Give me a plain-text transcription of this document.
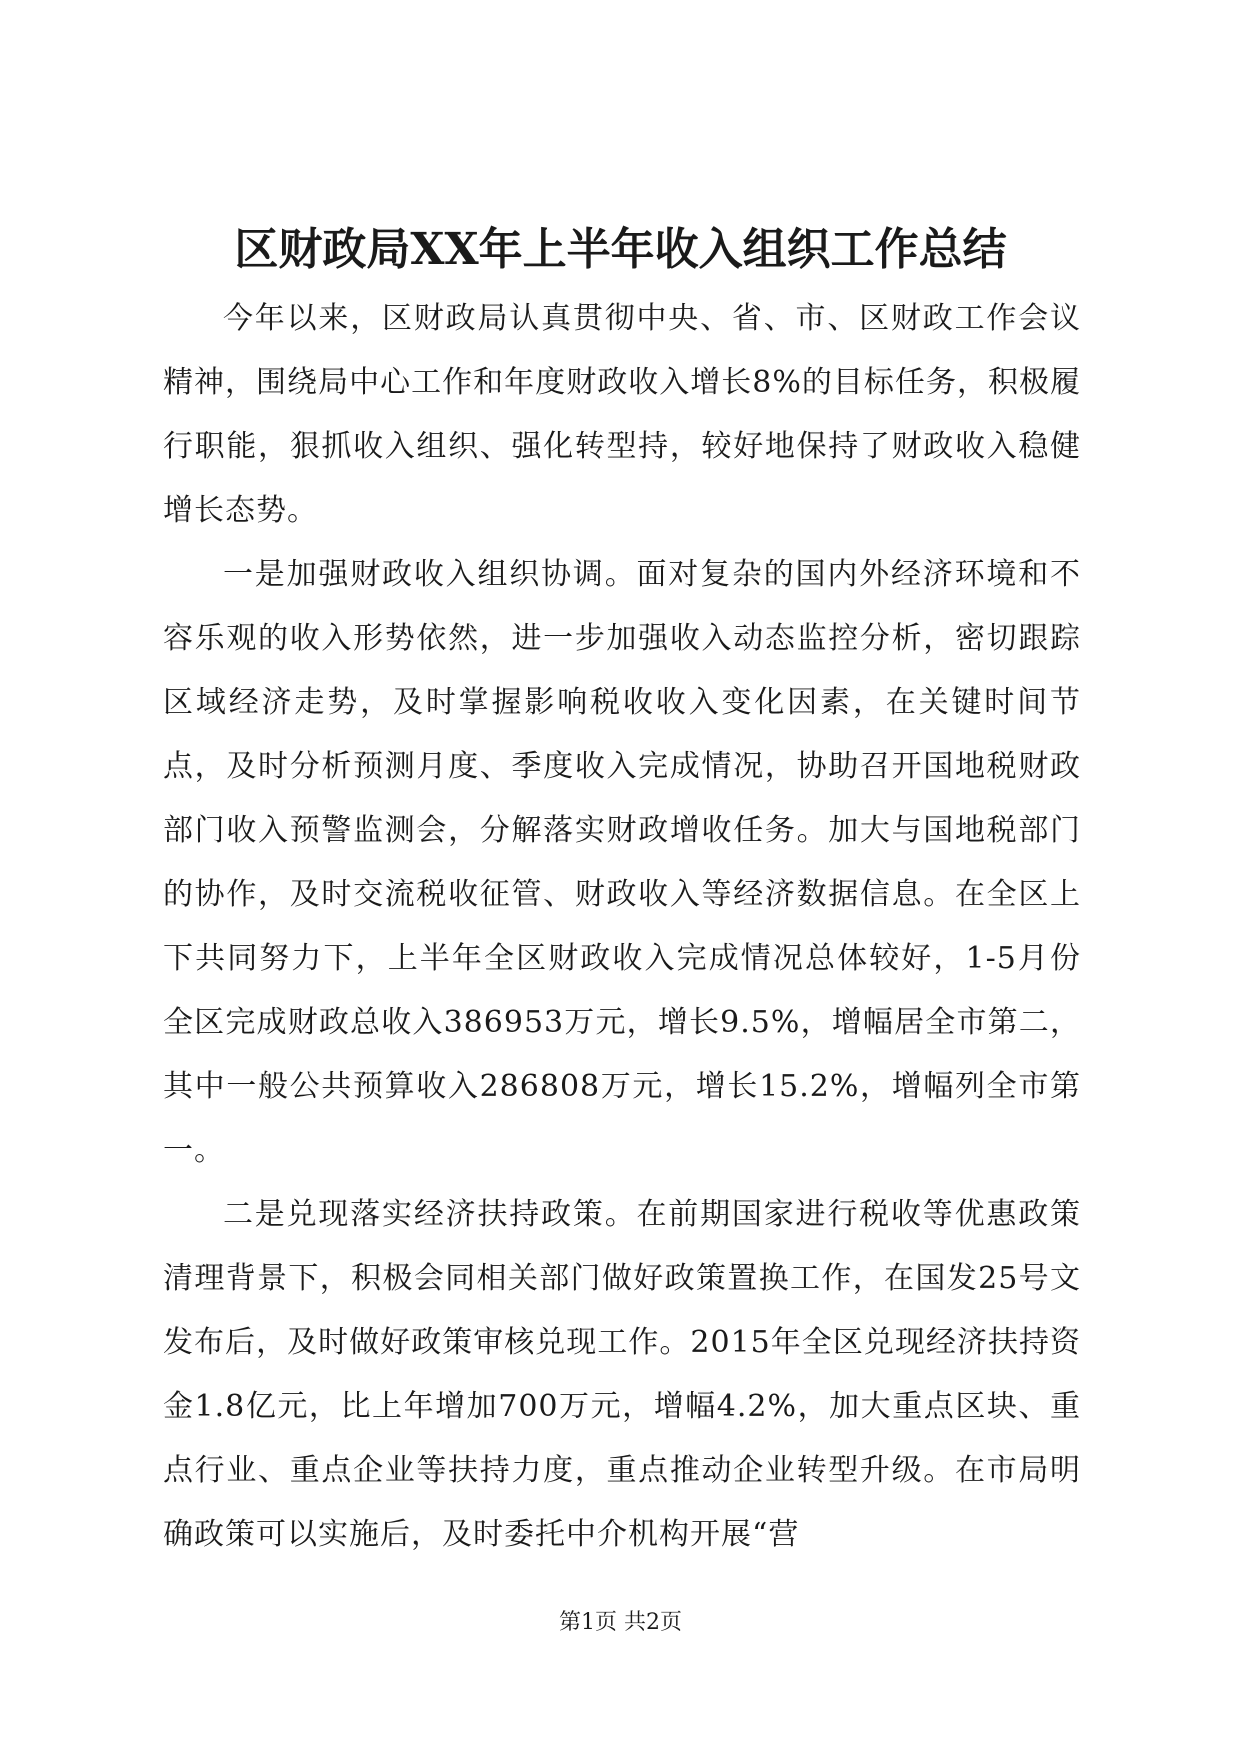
区财政局XX年上半年收入组织工作总结

今年以来，区财政局认真贯彻中央、省、市、区财政工作会议精神，围绕局中心工作和年度财政收入增长8%的目标任务，积极履行职能，狠抓收入组织、强化转型持，较好地保持了财政收入稳健增长态势。

一是加强财政收入组织协调。面对复杂的国内外经济环境和不容乐观的收入形势依然，进一步加强收入动态监控分析，密切跟踪区域经济走势，及时掌握影响税收收入变化因素，在关键时间节点，及时分析预测月度、季度收入完成情况，协助召开国地税财政部门收入预警监测会，分解落实财政增收任务。加大与国地税部门的协作，及时交流税收征管、财政收入等经济数据信息。在全区上下共同努力下，上半年全区财政收入完成情况总体较好，1-5月份全区完成财政总收入386953万元，增长9.5%，增幅居全市第二，其中一般公共预算收入286808万元，增长15.2%，增幅列全市第一。

二是兑现落实经济扶持政策。在前期国家进行税收等优惠政策清理背景下，积极会同相关部门做好政策置换工作，在国发25号文发布后，及时做好政策审核兑现工作。2015年全区兑现经济扶持资金1.8亿元，比上年增加700万元，增幅4.2%，加大重点区块、重点行业、重点企业等扶持力度，重点推动企业转型升级。在市局明确政策可以实施后，及时委托中介机构开展“营

第1页 共2页
